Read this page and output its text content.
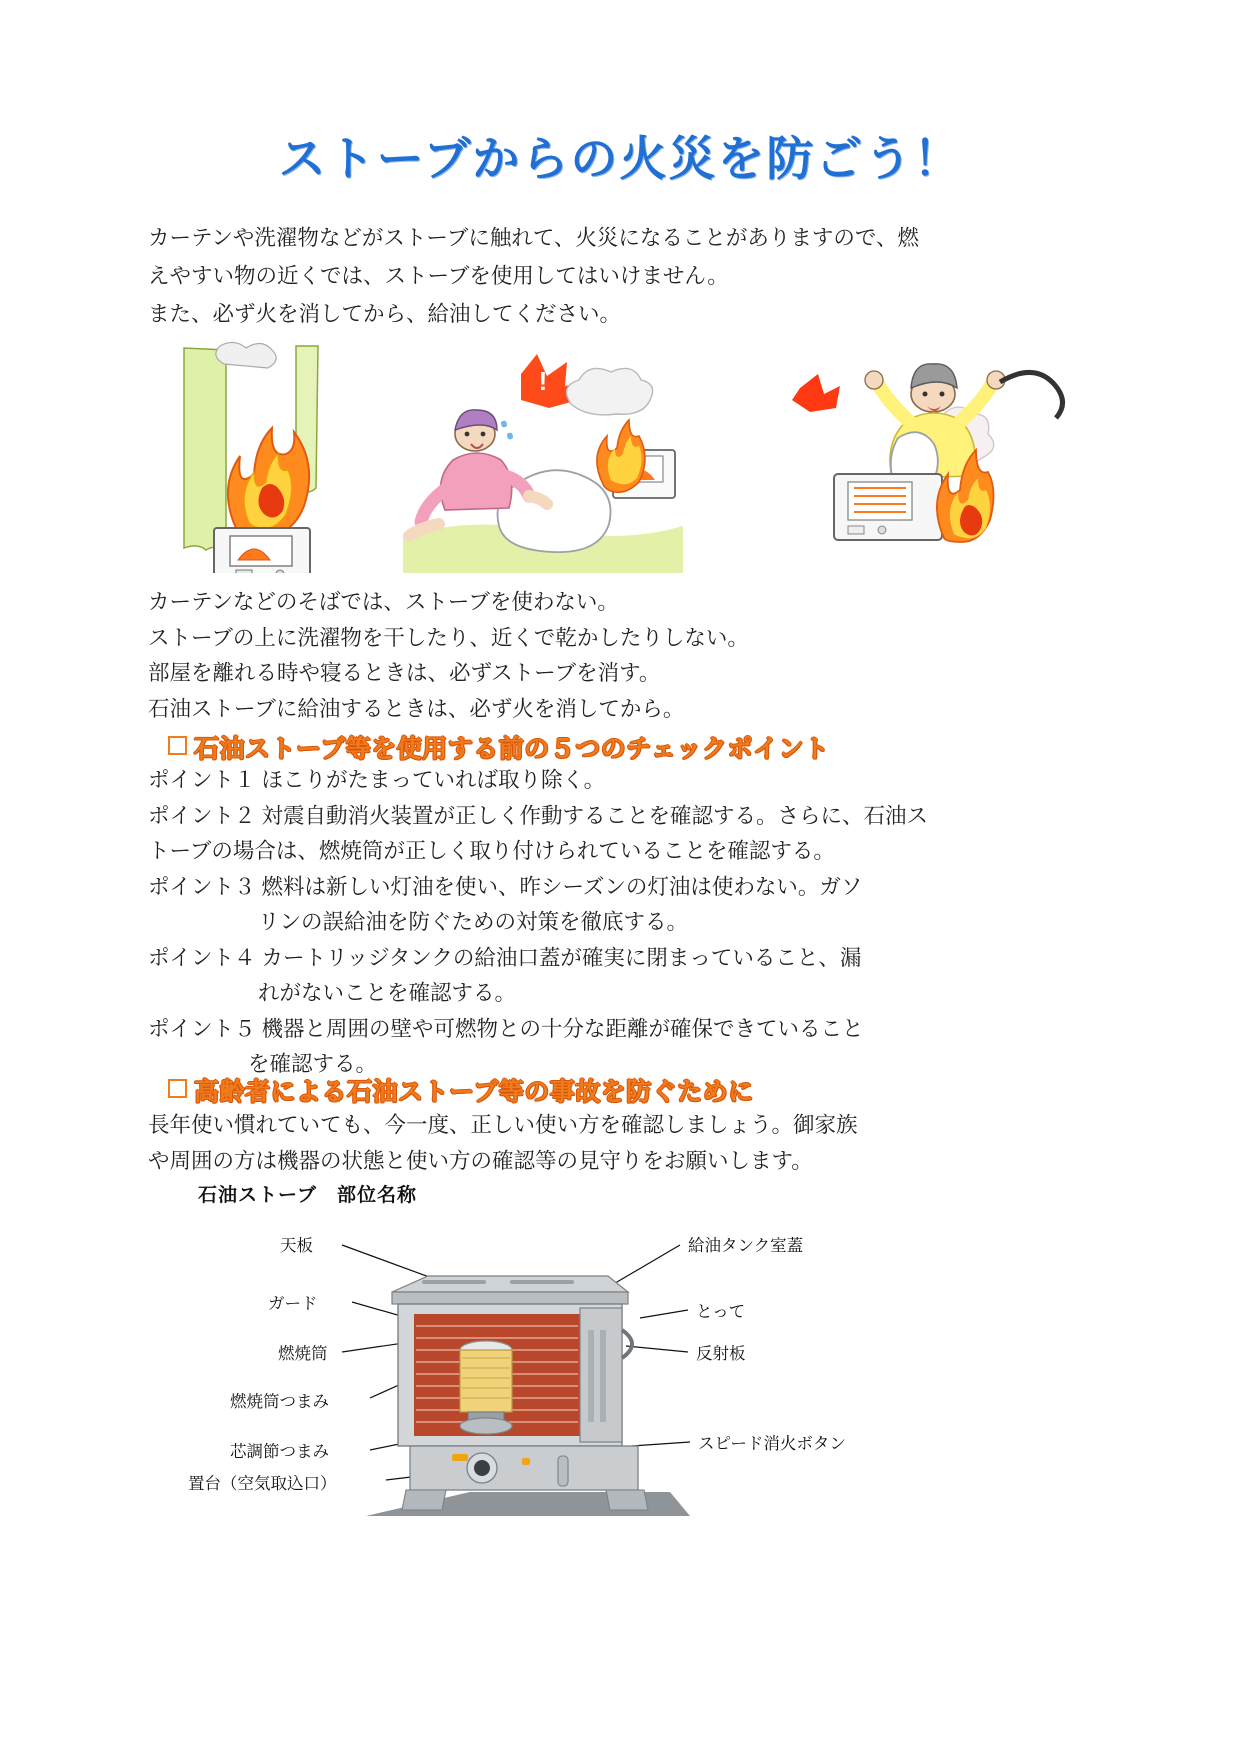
ストーブからの火災を防ごう！
カーテンや洗濯物などがストーブに触れて、火災になることがありますので、燃
えやすい物の近くでは、ストーブを使用してはいけません。
また、必ず火を消してから、給油してください。
!
カーテンなどのそばでは、ストーブを使わない。
ストーブの上に洗濯物を干したり、近くで乾かしたりしない。
部屋を離れる時や寝るときは、必ずストーブを消す。
石油ストーブに給油するときは、必ず火を消してから。
石油ストーブ等を使用する前の５つのチェックポイント
ポイント１ ほこりがたまっていれば取り除く。
ポイント２ 対震自動消火装置が正しく作動することを確認する。さらに、石油ス
トーブの場合は、燃焼筒が正しく取り付けられていることを確認する。
ポイント３ 燃料は新しい灯油を使い、昨シーズンの灯油は使わない。ガソ
リンの誤給油を防ぐための対策を徹底する。
ポイント４ カートリッジタンクの給油口蓋が確実に閉まっていること、漏
れがないことを確認する。
ポイント５ 機器と周囲の壁や可燃物との十分な距離が確保できていること
を確認する。
高齢者による石油ストーブ等の事故を防ぐために
長年使い慣れていても、今一度、正しい使い方を確認しましょう。御家族
や周囲の方は機器の状態と使い方の確認等の見守りをお願いします。
石油ストーブ　部位名称
天板
ガード
燃焼筒
燃焼筒つまみ
芯調節つまみ
置台（空気取込口）
給油タンク室蓋
とって
反射板
スピード消火ボタン
